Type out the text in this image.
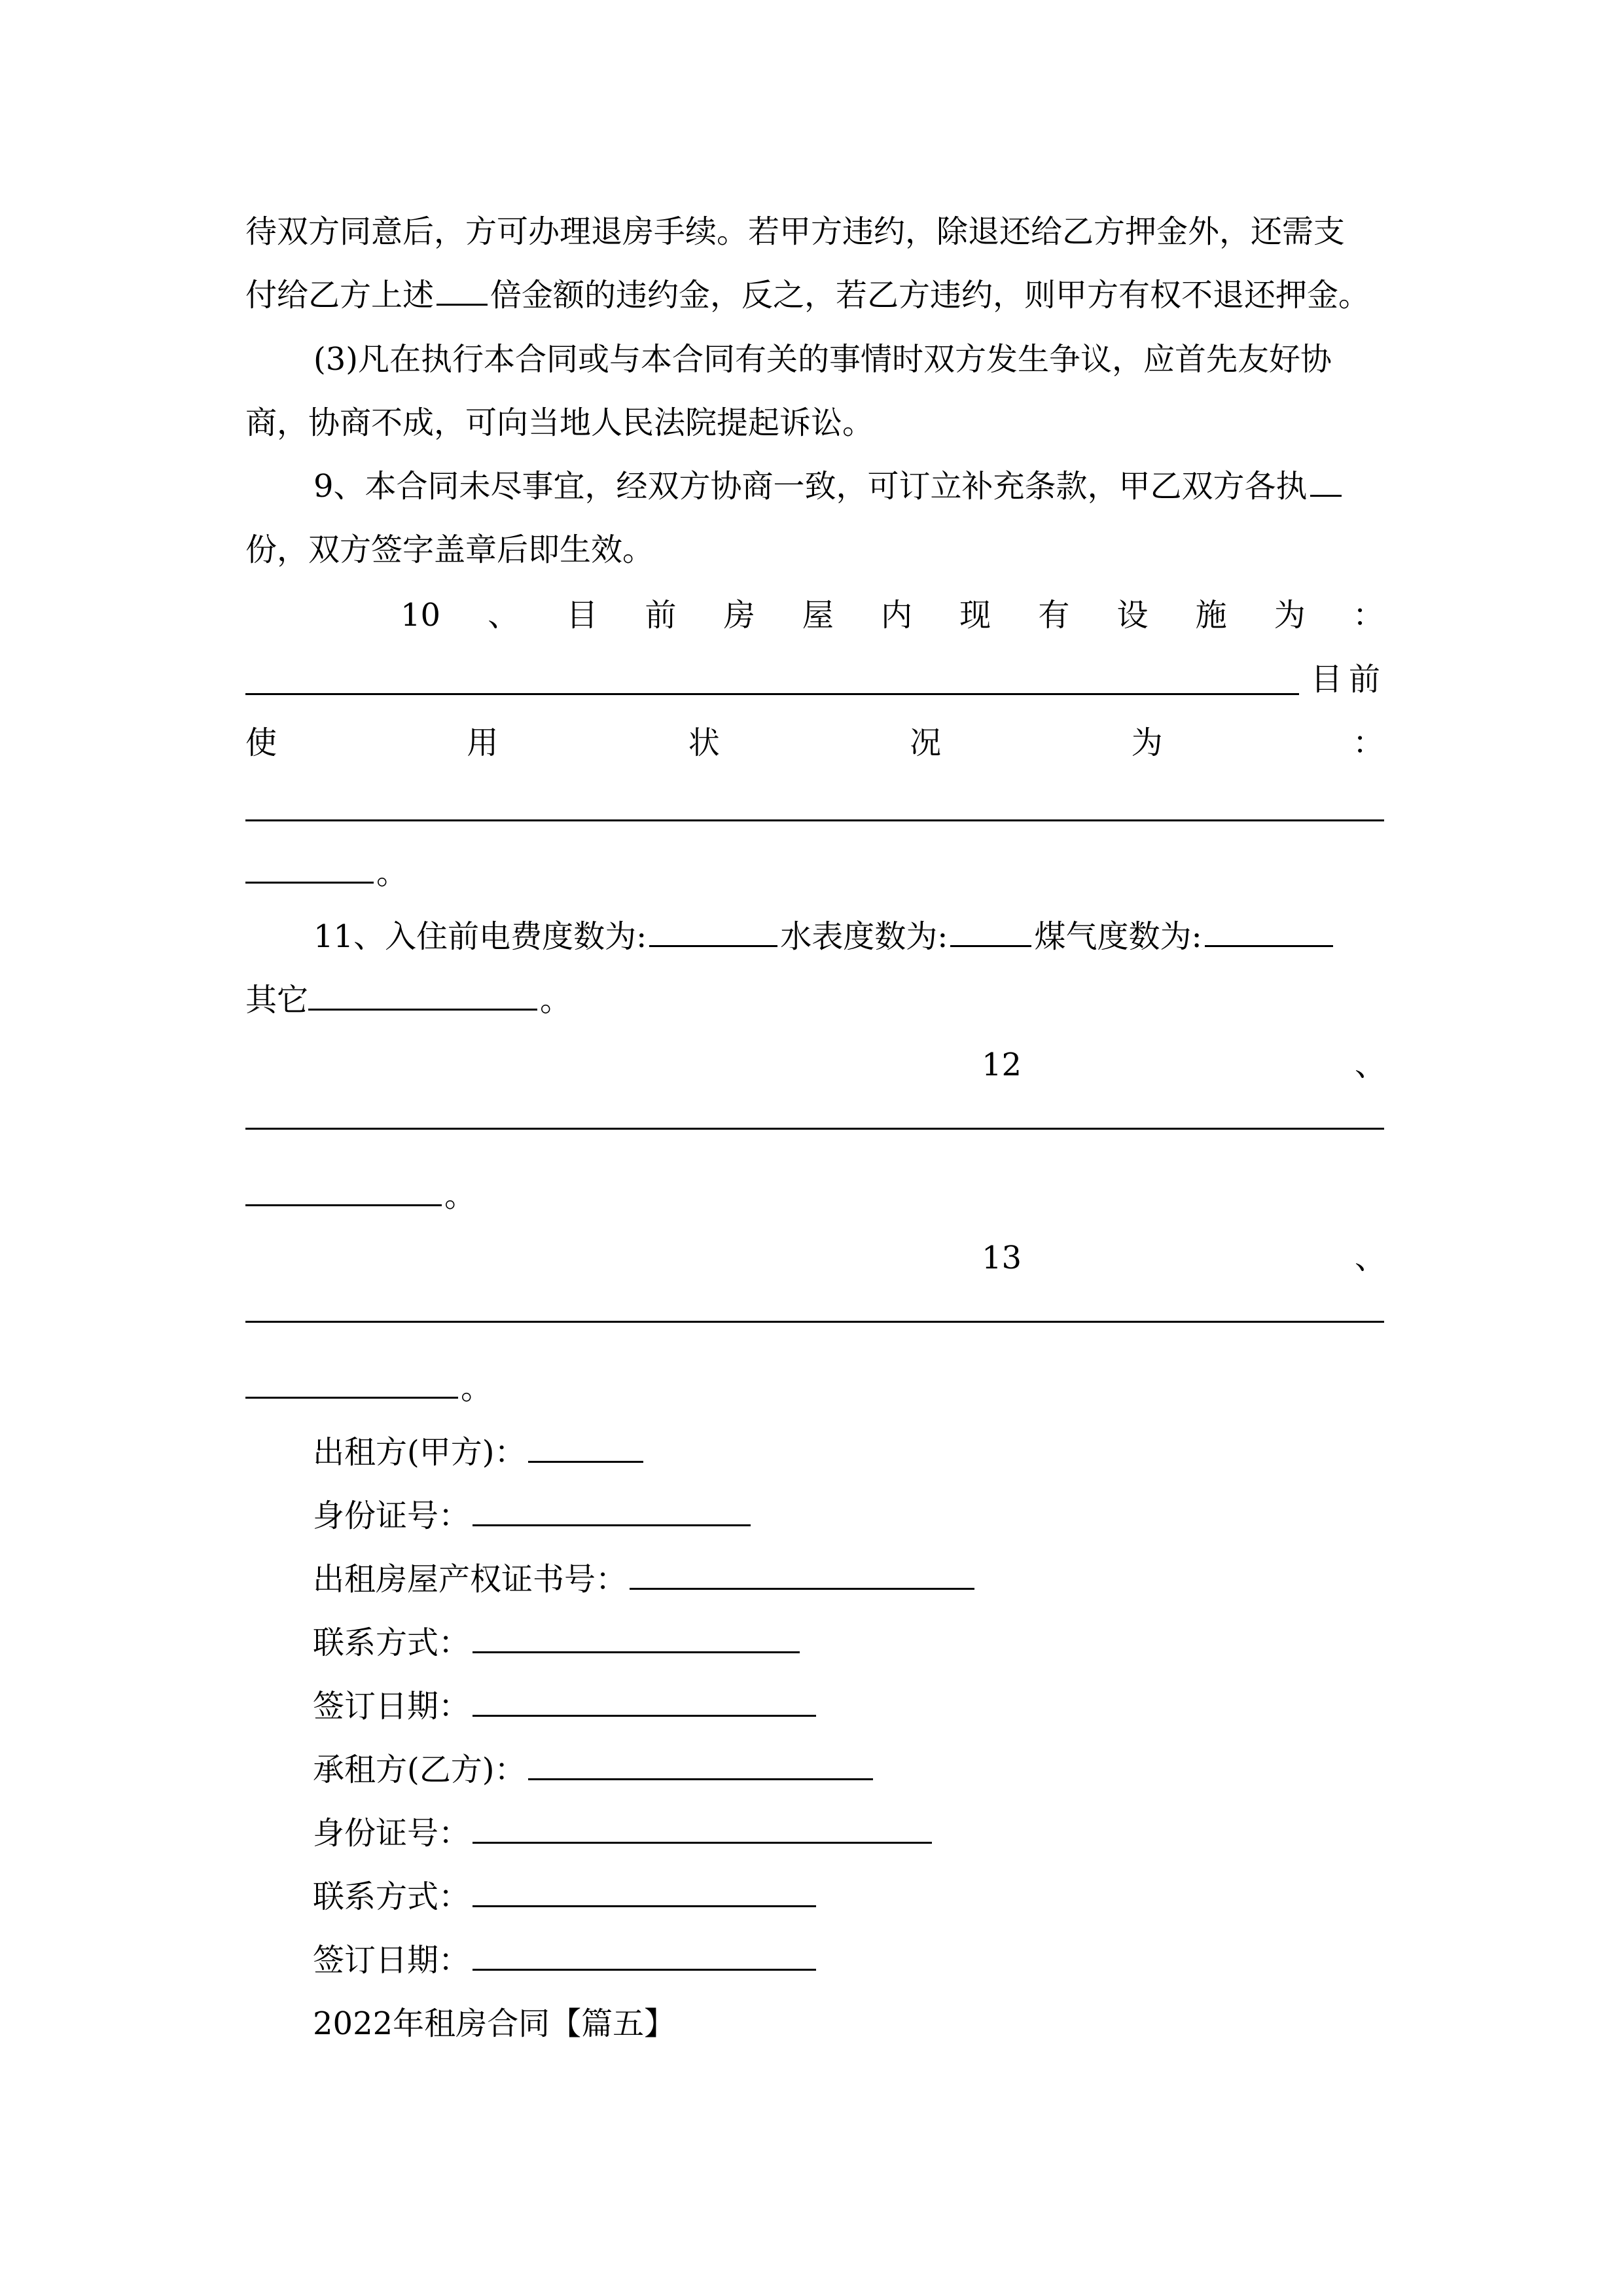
待双方同意后，方可办理退房手续。若甲方违约，除退还给乙方押金外，还需支
付给乙方上述 倍金额的违约金，反之，若乙方违约，则甲方有权不退还押金。
(3)凡在执行本合同或与本合同有关的事情时双方发生争议，应首先友好协
商，协商不成，可向当地人民法院提起诉讼。
9、本合同未尽事宜，经双方协商一致，可订立补充条款，甲乙双方各执
份，双方签字盖章后即生效。
10 、 目 前 房 屋 内 现 有 设 施 为 ：
目前
使	用	状	况	为	：
。
11、入住前电费度数为:	水表度数为:	煤气度数为:
其它	。
12	、
。
13	、
。
出租方(甲方)：
身份证号：
出租房屋产权证书号：
联系方式：
签订日期：
承租方(乙方)：
身份证号：
联系方式：
签订日期：
2022年租房合同【篇五】
